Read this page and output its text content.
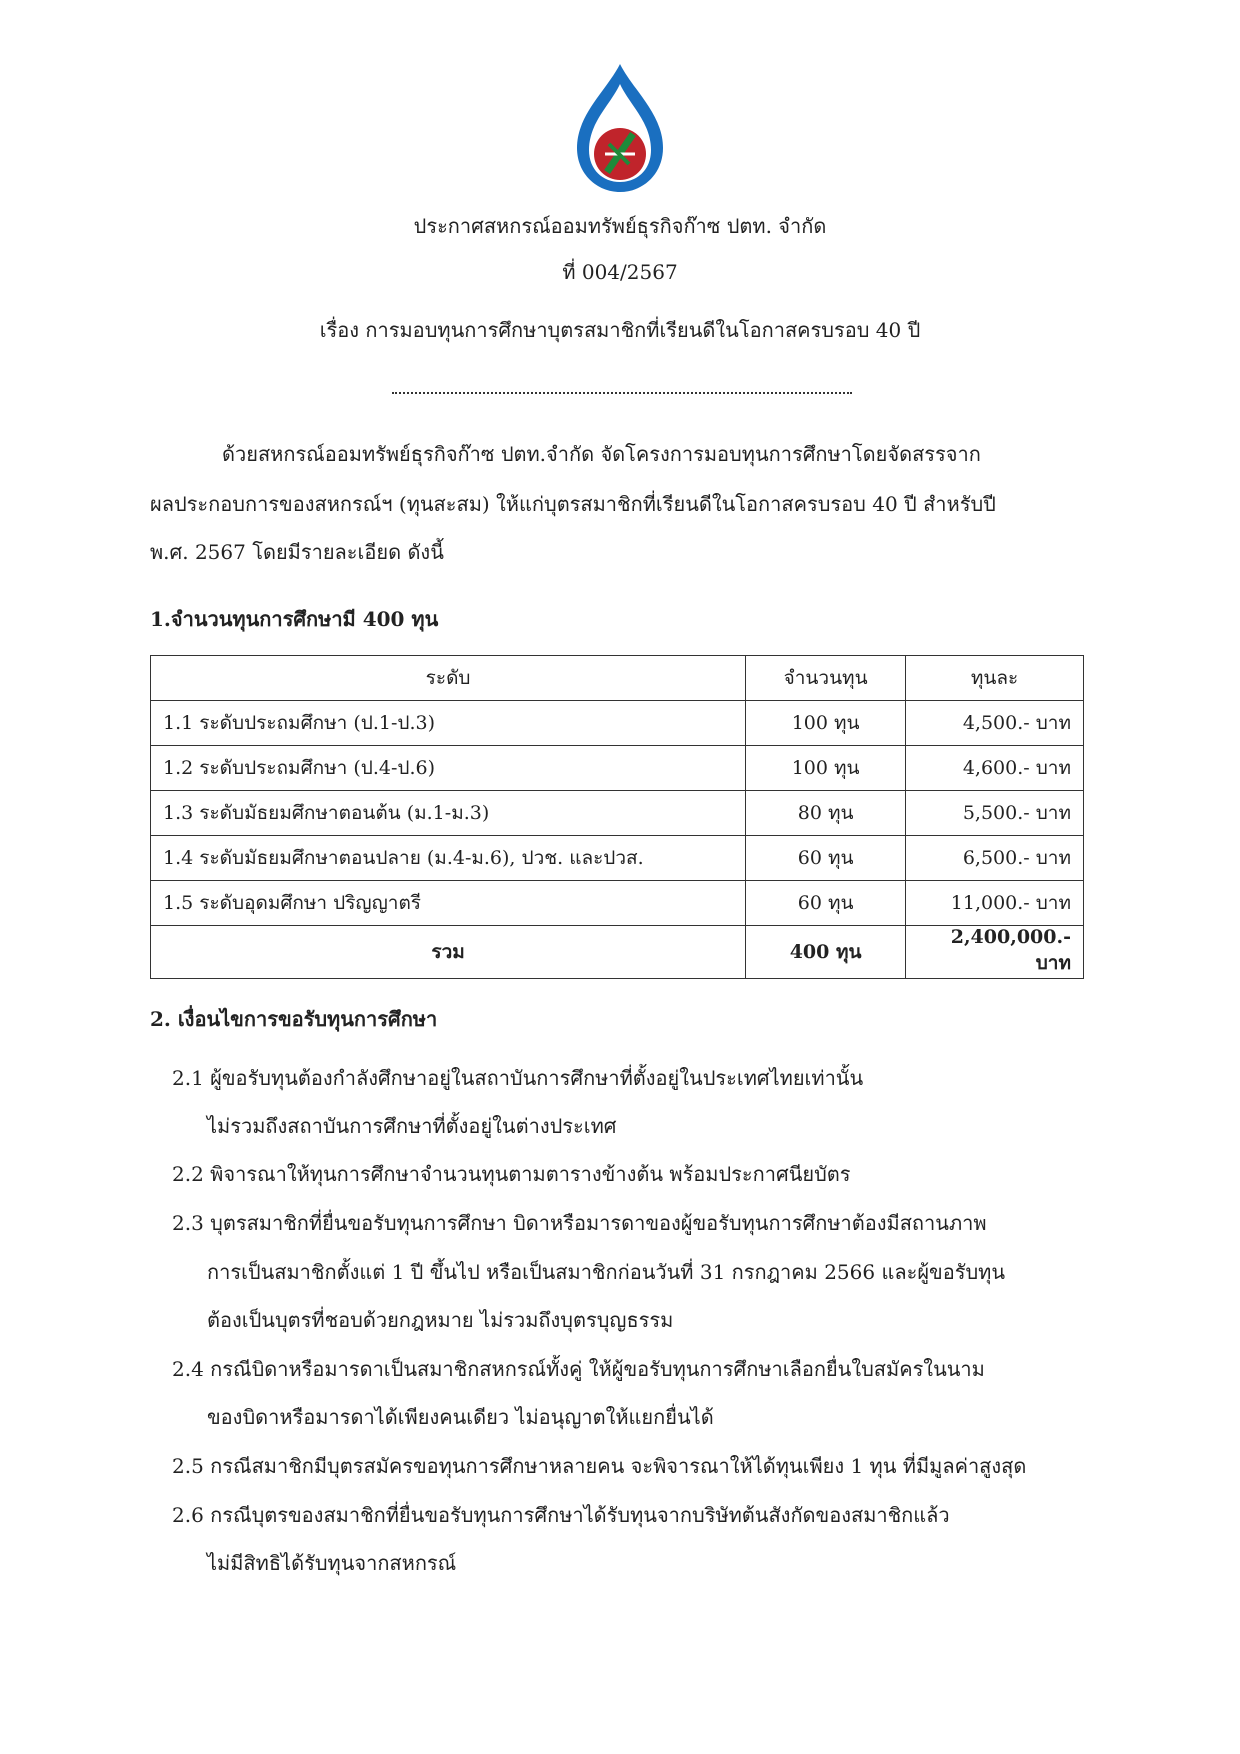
ประกาศสหกรณ์ออมทรัพย์ธุรกิจก๊าซ ปตท. จำกัด
ที่ 004/2567
เรื่อง การมอบทุนการศึกษาบุตรสมาชิกที่เรียนดีในโอกาสครบรอบ 40 ปี
ด้วยสหกรณ์ออมทรัพย์ธุรกิจก๊าซ ปตท.จำกัด จัดโครงการมอบทุนการศึกษาโดยจัดสรรจาก
ผลประกอบการของสหกรณ์ฯ (ทุนสะสม) ให้แก่บุตรสมาชิกที่เรียนดีในโอกาสครบรอบ 40 ปี สำหรับปี
พ.ศ. 2567 โดยมีรายละเอียด ดังนี้
1.จำนวนทุนการศึกษามี 400 ทุน
ระดับ	จำนวนทุน	ทุนละ
1.1 ระดับประถมศึกษา (ป.1-ป.3)	100 ทุน	4,500.- บาท
1.2 ระดับประถมศึกษา (ป.4-ป.6)	100 ทุน	4,600.- บาท
1.3 ระดับมัธยมศึกษาตอนต้น (ม.1-ม.3)	80 ทุน	5,500.- บาท
1.4 ระดับมัธยมศึกษาตอนปลาย (ม.4-ม.6), ปวช. และปวส.	60 ทุน	6,500.- บาท
1.5 ระดับอุดมศึกษา ปริญญาตรี	60 ทุน	11,000.- บาท
รวม	400 ทุน	2,400,000.- บาท
2. เงื่อนไขการขอรับทุนการศึกษา
2.1 ผู้ขอรับทุนต้องกำลังศึกษาอยู่ในสถาบันการศึกษาที่ตั้งอยู่ในประเทศไทยเท่านั้น
ไม่รวมถึงสถาบันการศึกษาที่ตั้งอยู่ในต่างประเทศ
2.2 พิจารณาให้ทุนการศึกษาจำนวนทุนตามตารางข้างต้น พร้อมประกาศนียบัตร
2.3 บุตรสมาชิกที่ยื่นขอรับทุนการศึกษา บิดาหรือมารดาของผู้ขอรับทุนการศึกษาต้องมีสถานภาพ
การเป็นสมาชิกตั้งแต่ 1 ปี ขึ้นไป หรือเป็นสมาชิกก่อนวันที่ 31 กรกฎาคม 2566 และผู้ขอรับทุน
ต้องเป็นบุตรที่ชอบด้วยกฎหมาย ไม่รวมถึงบุตรบุญธรรม
2.4 กรณีบิดาหรือมารดาเป็นสมาชิกสหกรณ์ทั้งคู่ ให้ผู้ขอรับทุนการศึกษาเลือกยื่นใบสมัครในนาม
ของบิดาหรือมารดาได้เพียงคนเดียว ไม่อนุญาตให้แยกยื่นได้
2.5 กรณีสมาชิกมีบุตรสมัครขอทุนการศึกษาหลายคน จะพิจารณาให้ได้ทุนเพียง 1 ทุน ที่มีมูลค่าสูงสุด
2.6 กรณีบุตรของสมาชิกที่ยื่นขอรับทุนการศึกษาได้รับทุนจากบริษัทต้นสังกัดของสมาชิกแล้ว
ไม่มีสิทธิได้รับทุนจากสหกรณ์
